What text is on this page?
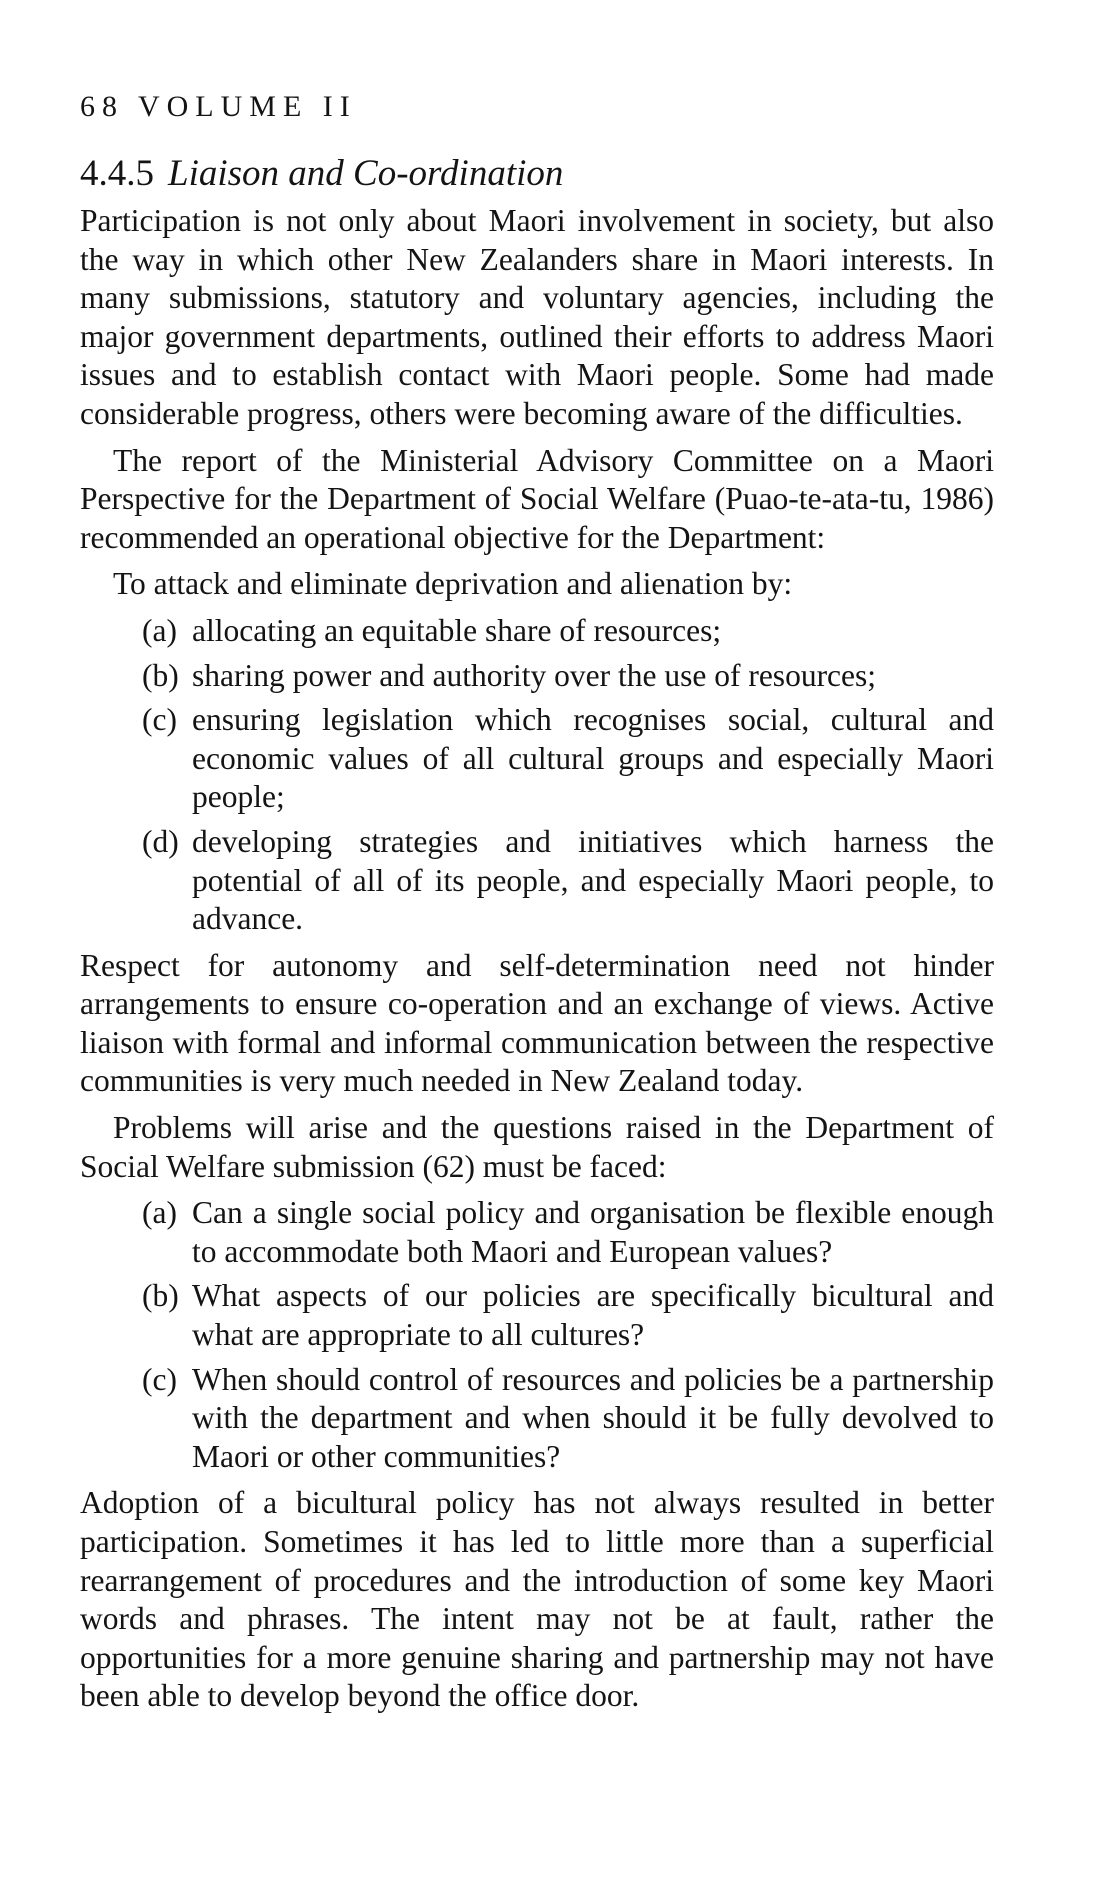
68 VOLUME II
4.4.5 Liaison and Co-ordination

Participation is not only about Maori involvement in society, but also the way in which other New Zealanders share in Maori interests. In many submissions, statutory and voluntary agencies, including the major government departments, outlined their efforts to address Maori issues and to establish contact with Maori people. Some had made considerable progress, others were becoming aware of the difficulties.

The report of the Ministerial Advisory Committee on a Maori Perspective for the Department of Social Welfare (Puao-te-ata-tu, 1986) recommended an operational objective for the Department:

To attack and eliminate deprivation and alienation by:

(a) allocating an equitable share of resources;
(b) sharing power and authority over the use of resources;
(c) ensuring legislation which recognises social, cultural and economic values of all cultural groups and especially Maori people;
(d) developing strategies and initiatives which harness the potential of all of its people, and especially Maori people, to advance.

Respect for autonomy and self-determination need not hinder arrangements to ensure co-operation and an exchange of views. Active liaison with formal and informal communication between the respective communities is very much needed in New Zealand today.

Problems will arise and the questions raised in the Department of Social Welfare submission (62) must be faced:

(a) Can a single social policy and organisation be flexible enough to accommodate both Maori and European values?
(b) What aspects of our policies are specifically bicultural and what are appropriate to all cultures?
(c) When should control of resources and policies be a partnership with the department and when should it be fully devolved to Maori or other communities?

Adoption of a bicultural policy has not always resulted in better participation. Sometimes it has led to little more than a superficial rearrangement of procedures and the introduction of some key Maori words and phrases. The intent may not be at fault, rather the opportunities for a more genuine sharing and partnership may not have been able to develop beyond the office door.
